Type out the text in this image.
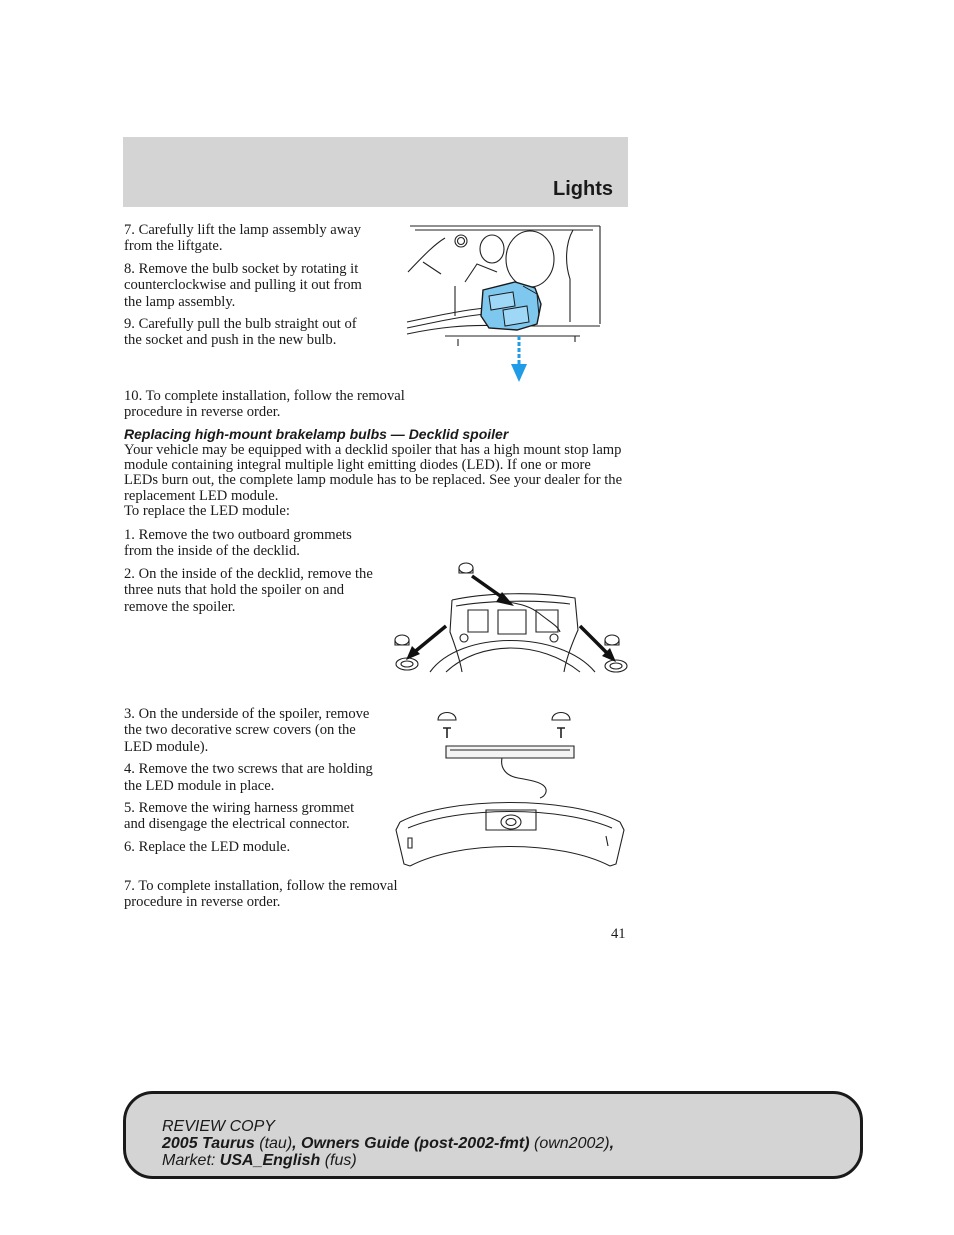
Lights

7. Carefully lift the lamp assembly away from the liftgate.

8. Remove the bulb socket by rotating it counterclockwise and pulling it out from the lamp assembly.

9. Carefully pull the bulb straight out of the socket and push in the new bulb.

10. To complete installation, follow the removal procedure in reverse order.

Replacing high-mount brakelamp bulbs — Decklid spoiler
Your vehicle may be equipped with a decklid spoiler that has a high mount stop lamp module containing integral multiple light emitting diodes (LED). If one or more LEDs burn out, the complete lamp module has to be replaced. See your dealer for the replacement LED module.
To replace the LED module:

1. Remove the two outboard grommets from the inside of the decklid.

2. On the inside of the decklid, remove the three nuts that hold the spoiler on and remove the spoiler.

3. On the underside of the spoiler, remove the two decorative screw covers (on the LED module).

4. Remove the two screws that are holding the LED module in place.

5. Remove the wiring harness grommet and disengage the electrical connector.

6. Replace the LED module.

7. To complete installation, follow the removal procedure in reverse order.

41
REVIEW COPY
2005 Taurus (tau), Owners Guide (post-2002-fmt) (own2002),
Market: USA_English (fus)
